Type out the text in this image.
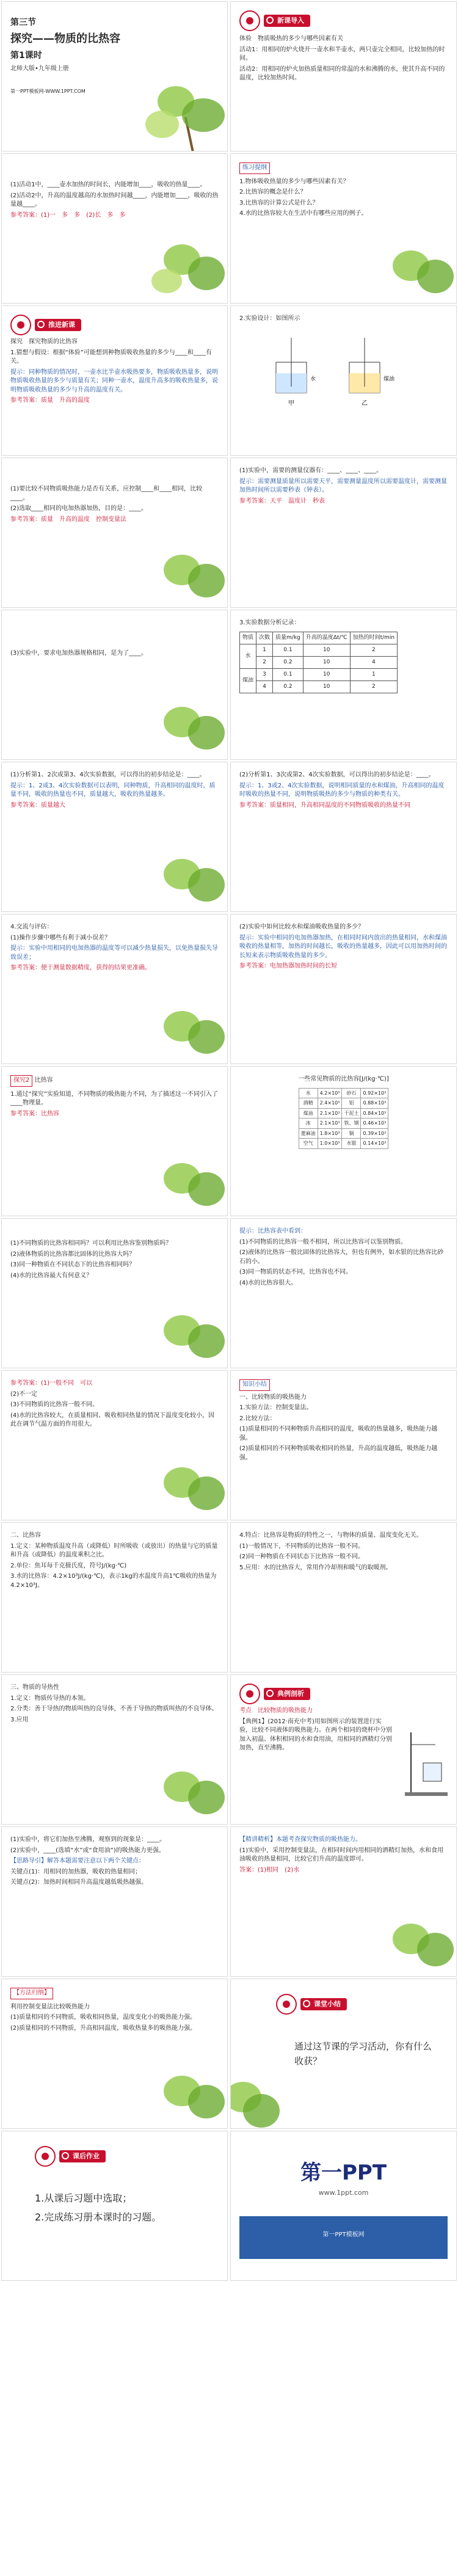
第三节
探究——物质的比热容
第1课时
北师大版•九年级上册
第一PPT模板网-WWW.1PPT.COM
新课导入
体验　物质吸热的多少与哪些因素有关
活动1：用相同的炉火烧开一壶水和半壶水，两只壶完全相同，比较加热的时间。
活动2：用相同的炉火加热质量相同的常温的水和沸腾的水，使其升高不同的温度，比较加热时间。
(1)活动1中，____壶水加热的时间长，内能增加____，吸收的热量____。
(2)活动2中，升高的温度越高的水加热时间越____，内能增加____，吸收的热量越____。
参考答案：(1)一　多　多　(2)长　多　多
练习提纲
1.物体吸收热量的多少与哪些因素有关？
2.比热容的概念是什么？
3.比热容的计算公式是什么？
4.水的比热容较大在生活中有哪些应用的例子。
推进新课
探究　探究物质的比热容
1.猜想与假设：根据“体验”可能想到种物质吸收热量的多少与____和____有关。
提示：同种物质的情况时，一壶水比半壶水吸热要多，物质吸收热量多，说明物质吸收热量的多少与质量有关；同种一壶水，温度升高多的吸收热量多，说明物质吸收热量的多少与升高的温度有关。
参考答案：质量　升高的温度
2.实验设计：如图所示
甲	乙
水	煤油
(1)要比较不同物质吸热能力是否有关系，应控制____和____相同，比较____。
(2)选取____相同的电加热器加热，目的是：____。
参考答案：质量　升高的温度　控制变量法
(1)实验中，需要的测量仪器有：____、____、____。
提示：需要测量质量所以需要天平，需要测量温度所以需要温度计，需要测量加热时间所以需要秒表（钟表）。
参考答案：天平　温度计　秒表
(3)实验中，要求电加热器规格相同，是为了____。
3.实验数据分析记录：
物质	次数	质量m/kg	升高的温度Δt/℃	加热的时间t/min
水	1	0.1	10	2
	2	0.2	10	4
煤油	3	0.1	10	1
	4	0.2	10	2
(1)分析第1、2次或第3、4次实验数据，可以得出的初步结论是：____。
提示：1、2或3、4次实验数据可以表明，同种物质，升高相同的温度时，质量不同，吸收的热量也不同，质量越大，吸收的热量越多。
参考答案：质量越大
(2)分析第1、3次或第2、4次实验数据，可以得出的初步结论是：____。
提示：1、3或2、4次实验数据，说明相同质量的水和煤油，升高相同的温度时吸收的热量不同，说明物质吸热的多少与物质的种类有关。
参考答案：质量相同，升高相同温度的不同物质吸收的热量不同
4.交流与评估：
(1)操作步骤中哪些有利于减小误差？
提示：实验中用相同的电加热器的温度等可以减少热量损失，以免热量损失导致误差；
参考答案：便于测量数据精度，获得的结果更准确。
(2)实验中如何比较水和煤油吸收热量的多少？
提示：实验中相同的电加热器加热，在相同时间内放出的热量相同，水和煤油吸收的热量相等，加热的时间越长，吸收的热量越多，因此可以用加热时间的长短来表示物质吸收热量的多少。
参考答案：电加热器加热时间的长短
探究2 比热容
1.通过“探究”实验知道，不同物质的吸热能力不同，为了描述这一不同引入了____物理量。
参考答案：比热容
一些常见物质的比热容[J/(kg·℃)]
水	4.2×10³	砂石	0.92×10³
酒精	2.4×10³	铝	0.88×10³
煤油	2.1×10³	干泥土	0.84×10³
冰	2.1×10³	铁、钢	0.46×10³
蓖麻油	1.8×10³	铜	0.39×10³
空气	1.0×10³	水银	0.14×10³
(1)不同物质的比热容相同吗？可以利用比热容鉴别物质吗？
(2)液体物质的比热容都比固体的比热容大吗？
(3)同一种物质在不同状态下的比热容相同吗？
(4)水的比热容最大有何意义？
提示：比热容表中看到：
(1)不同物质的比热容一般不相同，所以比热容可以鉴别物质。
(2)液体的比热容一般比固体的比热容大，但也有例外，如水银的比热容比砂石的小。
(3)同一物质的状态不同，比热容也不同。
(4)水的比热容很大。
参考答案：(1)一般不同　可以
(2)不一定
(3)不同物质的比热容一般不同。
(4)水的比热容较大，在质量相同、吸收相同热量的情况下温度变化较小，因此在调节气温方面的作用很大。
知识小结
一、比较物质的吸热能力
1.实验方法：控制变量法。
2.比较方法：
(1)质量相同的不同种物质升高相同的温度，吸收的热量越多，吸热能力越强。
(2)质量相同的不同种物质吸收相同的热量，升高的温度越低，吸热能力越强。
二、比热容
1.定义：某种物质温度升高（或降低）时所吸收（或放出）的热量与它的质量和升高（或降低）的温度乘积之比。
2.单位：焦耳每千克摄氏度，符号J/(kg·℃)
3.水的比热容：4.2×10³J/(kg·℃)，表示1kg的水温度升高1℃吸收的热量为4.2×10³J。
4.特点：比热容是物质的特性之一，与物体的质量、温度变化无关。
(1)一般情况下，不同物质的比热容一般不同。
(2)同一种物质在不同状态下比热容一般不同。
5.应用：水的比热容大，常用作冷却剂和暖气的取暖剂。
三、物质的导热性
1.定义：物质传导热的本领。
2.分类：善于导热的物质叫热的良导体，不善于导热的物质叫热的不良导体。
3.应用
典例剖析
考点　比较物质的吸热能力
【典例1】(2012·南充中考)用如图所示的装置进行实验，比较不同液体的吸热能力。在两个相同的烧杯中分别加入初温、体积相同的水和食用油，用相同的酒精灯分别加热，直至沸腾。
(1)实验中，将它们加热至沸腾，观察到的现象是：____。
(2)实验中，____(选填“水”或“食用油”)的吸热能力更强。
【思路导引】解答本题需要注意以下两个关键点：
关键点(1)：用相同的加热器，吸收的热量相同；
关键点(2)：加热时间相同升高温度越低吸热越强。
【精讲精析】本题考查探究物质的吸热能力。
(1)实验中，采用控制变量法，在相同时间内用相同的酒精灯加热，水和食用油吸收的热量相同，比较它们升高的温度即可。
答案：(1)相同　(2)水
【方法归纳】
利用控制变量法比较吸热能力
(1)质量相同的不同物质，吸收相同热量，温度变化小的吸热能力强。
(2)质量相同的不同物质，升高相同温度，吸收热量多的吸热能力强。
课堂小结
通过这节课的学习活动，你有什么收获？
课后作业
1.从课后习题中选取；
2.完成练习册本课时的习题。
第一PPT
www.1ppt.com
第一PPT模板网
